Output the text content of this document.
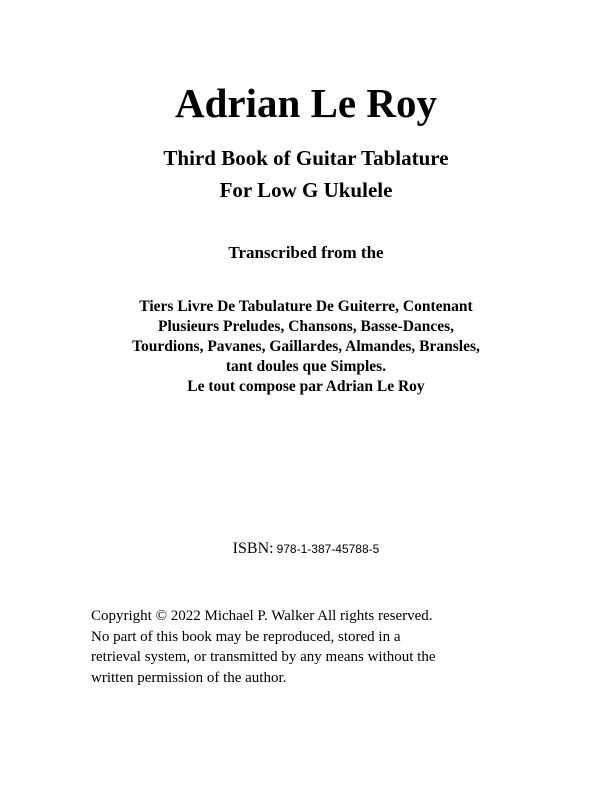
Adrian Le Roy
Third Book of Guitar Tablature
For Low G Ukulele
Transcribed from the
Tiers Livre De Tabulature De Guiterre, Contenant
Plusieurs Preludes, Chansons, Basse-Dances,
Tourdions, Pavanes, Gaillardes, Almandes, Bransles,
tant doules que Simples.
Le tout compose par Adrian Le Roy
ISBN: 978-1-387-45788-5
Copyright © 2022 Michael P. Walker All rights reserved.
No part of this book may be reproduced, stored in a
retrieval system, or transmitted by any means without the
written permission of the author.
